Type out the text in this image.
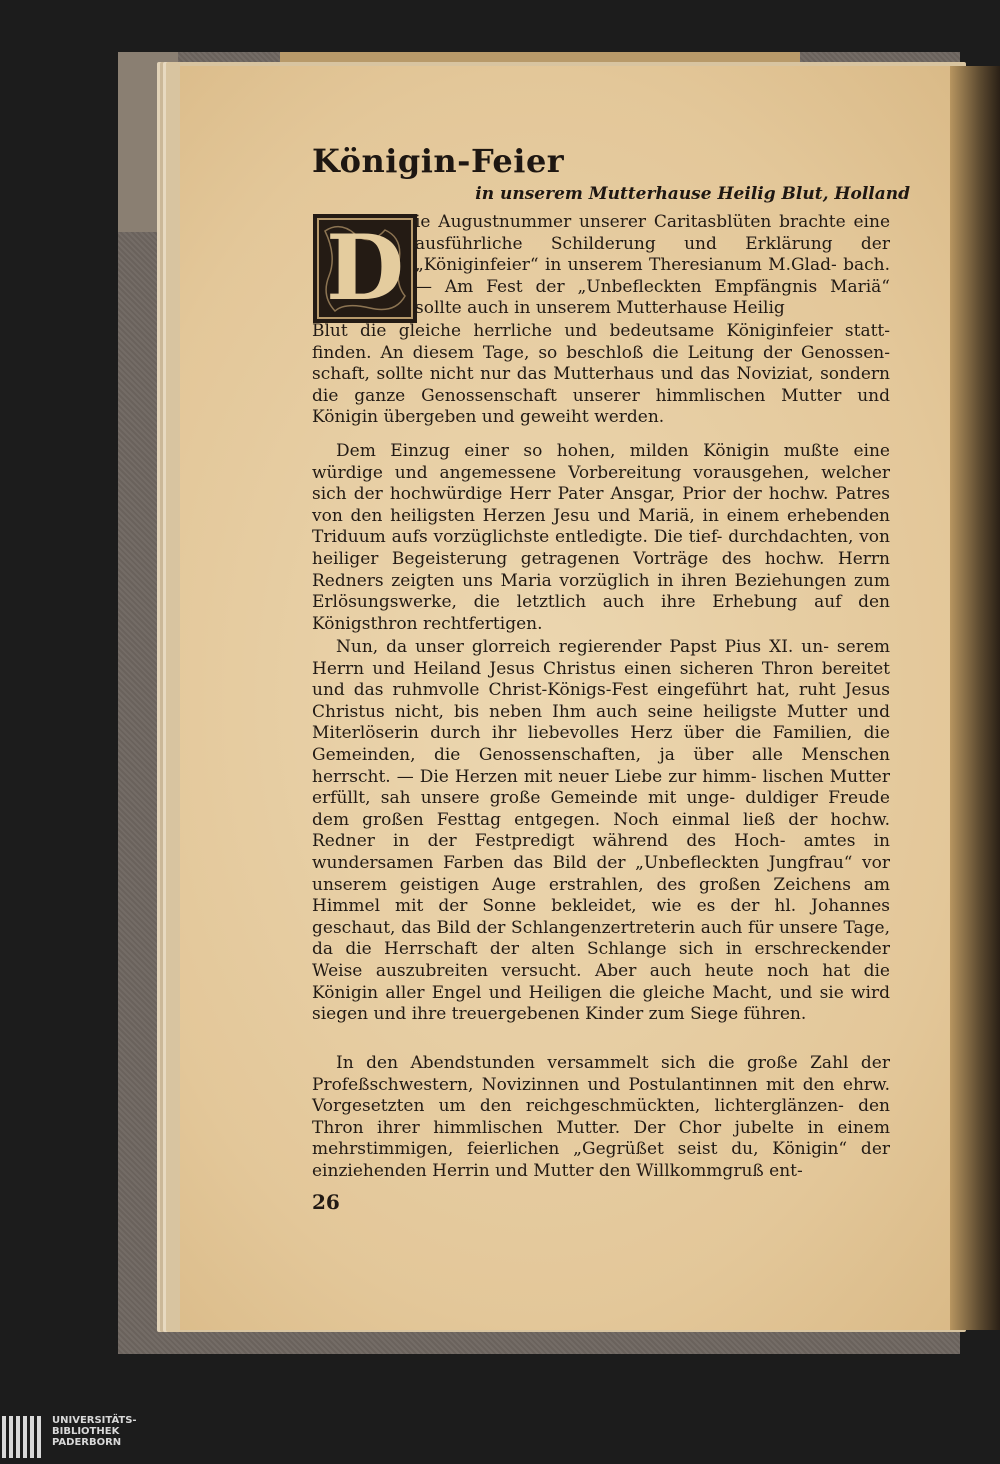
Königin-Feier
in unserem Mutterhause Heilig Blut, Holland
D ie Augustnummer unserer Caritasblüten brachte eine ausführliche Schilderung und Erklärung der „Königinfeier“ in unserem Theresianum M.Glad- bach. — Am Fest der „Unbefleckten Empfängnis Mariä“ sollte auch in unserem Mutterhause Heilig

Blut die gleiche herrliche und bedeutsame Königinfeier statt- finden. An diesem Tage, so beschloß die Leitung der Genossen- schaft, sollte nicht nur das Mutterhaus und das Noviziat, sondern die ganze Genossenschaft unserer himmlischen Mutter und Königin übergeben und geweiht werden.

Dem Einzug einer so hohen, milden Königin mußte eine würdige und angemessene Vorbereitung vorausgehen, welcher sich der hochwürdige Herr Pater Ansgar, Prior der hochw. Patres von den heiligsten Herzen Jesu und Mariä, in einem erhebenden Triduum aufs vorzüglichste entledigte. Die tief- durchdachten, von heiliger Begeisterung getragenen Vorträge des hochw. Herrn Redners zeigten uns Maria vorzüglich in ihren Beziehungen zum Erlösungswerke, die letztlich auch ihre Erhebung auf den Königsthron rechtfertigen.

Nun, da unser glorreich regierender Papst Pius XI. un- serem Herrn und Heiland Jesus Christus einen sicheren Thron bereitet und das ruhmvolle Christ-Königs-Fest eingeführt hat, ruht Jesus Christus nicht, bis neben Ihm auch seine heiligste Mutter und Miterlöserin durch ihr liebevolles Herz über die Familien, die Gemeinden, die Genossenschaften, ja über alle Menschen herrscht. — Die Herzen mit neuer Liebe zur himm- lischen Mutter erfüllt, sah unsere große Gemeinde mit unge- duldiger Freude dem großen Festtag entgegen. Noch einmal ließ der hochw. Redner in der Festpredigt während des Hoch- amtes in wundersamen Farben das Bild der „Unbefleckten Jungfrau“ vor unserem geistigen Auge erstrahlen, des großen Zeichens am Himmel mit der Sonne bekleidet, wie es der hl. Johannes geschaut, das Bild der Schlangenzertreterin auch für unsere Tage, da die Herrschaft der alten Schlange sich in erschreckender Weise auszubreiten versucht. Aber auch heute noch hat die Königin aller Engel und Heiligen die gleiche Macht, und sie wird siegen und ihre treuergebenen Kinder zum Siege führen.

In den Abendstunden versammelt sich die große Zahl der Profeßschwestern, Novizinnen und Postulantinnen mit den ehrw. Vorgesetzten um den reichgeschmückten, lichterglänzen- den Thron ihrer himmlischen Mutter. Der Chor jubelte in einem mehrstimmigen, feierlichen „Gegrüßet seist du, Königin“ der einziehenden Herrin und Mutter den Willkommgruß ent-

26
UNIVERSITÄTS-
BIBLIOTHEK
PADERBORN
